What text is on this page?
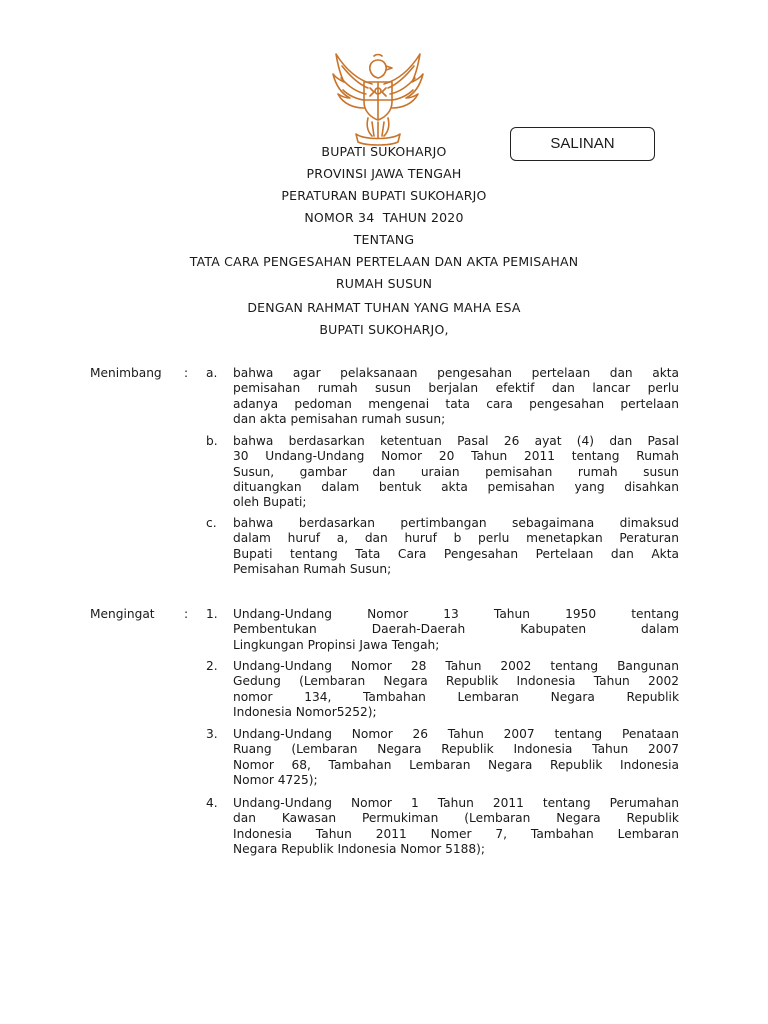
SALINAN
BUPATI SUKOHARJO
PROVINSI JAWA TENGAH
PERATURAN BUPATI SUKOHARJO
NOMOR 34  TAHUN 2020
TENTANG
TATA CARA PENGESAHAN PERTELAAN DAN AKTA PEMISAHAN
RUMAH SUSUN
DENGAN RAHMAT TUHAN YANG MAHA ESA
BUPATI SUKOHARJO,
Menimbang : a. bahwa agar pelaksanaan pengesahan pertelaan dan akta
pemisahan rumah susun berjalan efektif dan lancar perlu
adanya pedoman mengenai tata cara pengesahan pertelaan
dan akta pemisahan rumah susun;
b. bahwa berdasarkan ketentuan Pasal 26 ayat (4) dan Pasal
30 Undang-Undang Nomor 20 Tahun 2011 tentang Rumah
Susun, gambar dan uraian pemisahan rumah susun
dituangkan dalam bentuk akta pemisahan yang disahkan
oleh Bupati;
c. bahwa berdasarkan pertimbangan sebagaimana dimaksud
dalam huruf a, dan huruf b perlu menetapkan Peraturan
Bupati tentang Tata Cara Pengesahan Pertelaan dan Akta
Pemisahan Rumah Susun;
Mengingat : 1. Undang-Undang Nomor 13 Tahun 1950 tentang
Pembentukan Daerah-Daerah Kabupaten dalam
Lingkungan Propinsi Jawa Tengah;
2. Undang-Undang Nomor 28 Tahun 2002 tentang Bangunan
Gedung (Lembaran Negara Republik Indonesia Tahun 2002
nomor 134, Tambahan Lembaran Negara Republik
Indonesia Nomor5252);
3. Undang-Undang Nomor 26 Tahun 2007 tentang Penataan
Ruang (Lembaran Negara Republik Indonesia Tahun 2007
Nomor 68, Tambahan Lembaran Negara Republik Indonesia
Nomor 4725);
4. Undang-Undang Nomor 1 Tahun 2011 tentang Perumahan
dan Kawasan Permukiman (Lembaran Negara Republik
Indonesia Tahun 2011 Nomer 7, Tambahan Lembaran
Negara Republik Indonesia Nomor 5188);
